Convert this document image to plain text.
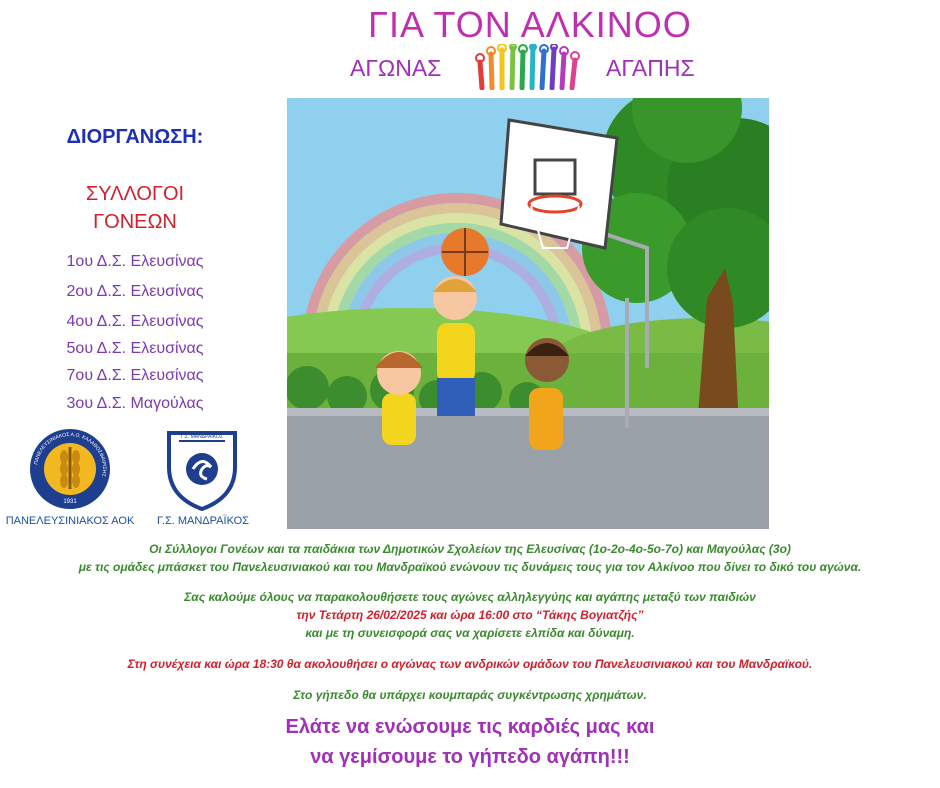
ΓΙΑ ΤΟΝ ΑΛΚΙΝΟΟ
ΑΓΩΝΑΣ	ΑΓΑΠΗΣ
ΔΙΟΡΓΑΝΩΣΗ:
ΣΥΛΛΟΓΟΙ
ΓΟΝΕΩΝ
1ου Δ.Σ. Ελευσίνας
2ου Δ.Σ. Ελευσίνας
4ου Δ.Σ. Ελευσίνας
5ου Δ.Σ. Ελευσίνας
7ου Δ.Σ. Ελευσίνας
3ου Δ.Σ. Μαγούλας
ΠΑΝΕΛΕΥΣΙΝΙΑΚΟΣ Α.Ο. ΚΑΛΑΘΟΣΦΑΙΡΙΣΗΣ
1931
Γ.Σ. ΜΑΝΔΡΑΪΚΟΣ
ΠΑΝΕΛΕΥΣΙΝΙΑΚΟΣ ΑΟΚ	Γ.Σ. ΜΑΝΔΡΑΪΚΟΣ
Οι Σύλλογοι Γονέων και τα παιδάκια των Δημοτικών Σχολείων της Ελευσίνας (1ο-2ο-4ο-5ο-7ο) και Μαγούλας (3ο)
με τις ομάδες μπάσκετ του Πανελευσινιακού και του Μανδραϊκού ενώνουν τις δυνάμεις τους για τον Αλκίνοο που δίνει το δικό του αγώνα.
Σας καλούμε όλους να παρακολουθήσετε τους αγώνες αλληλεγγύης και αγάπης μεταξύ των παιδιών
την Τετάρτη 26/02/2025 και ώρα 16:00 στο “Τάκης Βογιατζής”
και με τη συνεισφορά σας να χαρίσετε ελπίδα και δύναμη.
Στη συνέχεια και ώρα 18:30 θα ακολουθήσει ο αγώνας των ανδρικών ομάδων του Πανελευσινιακού και του Μανδραϊκού.
Στο γήπεδο θα υπάρχει κουμπαράς συγκέντρωσης χρημάτων.
Ελάτε να ενώσουμε τις καρδιές μας και
να γεμίσουμε το γήπεδο αγάπη!!!
